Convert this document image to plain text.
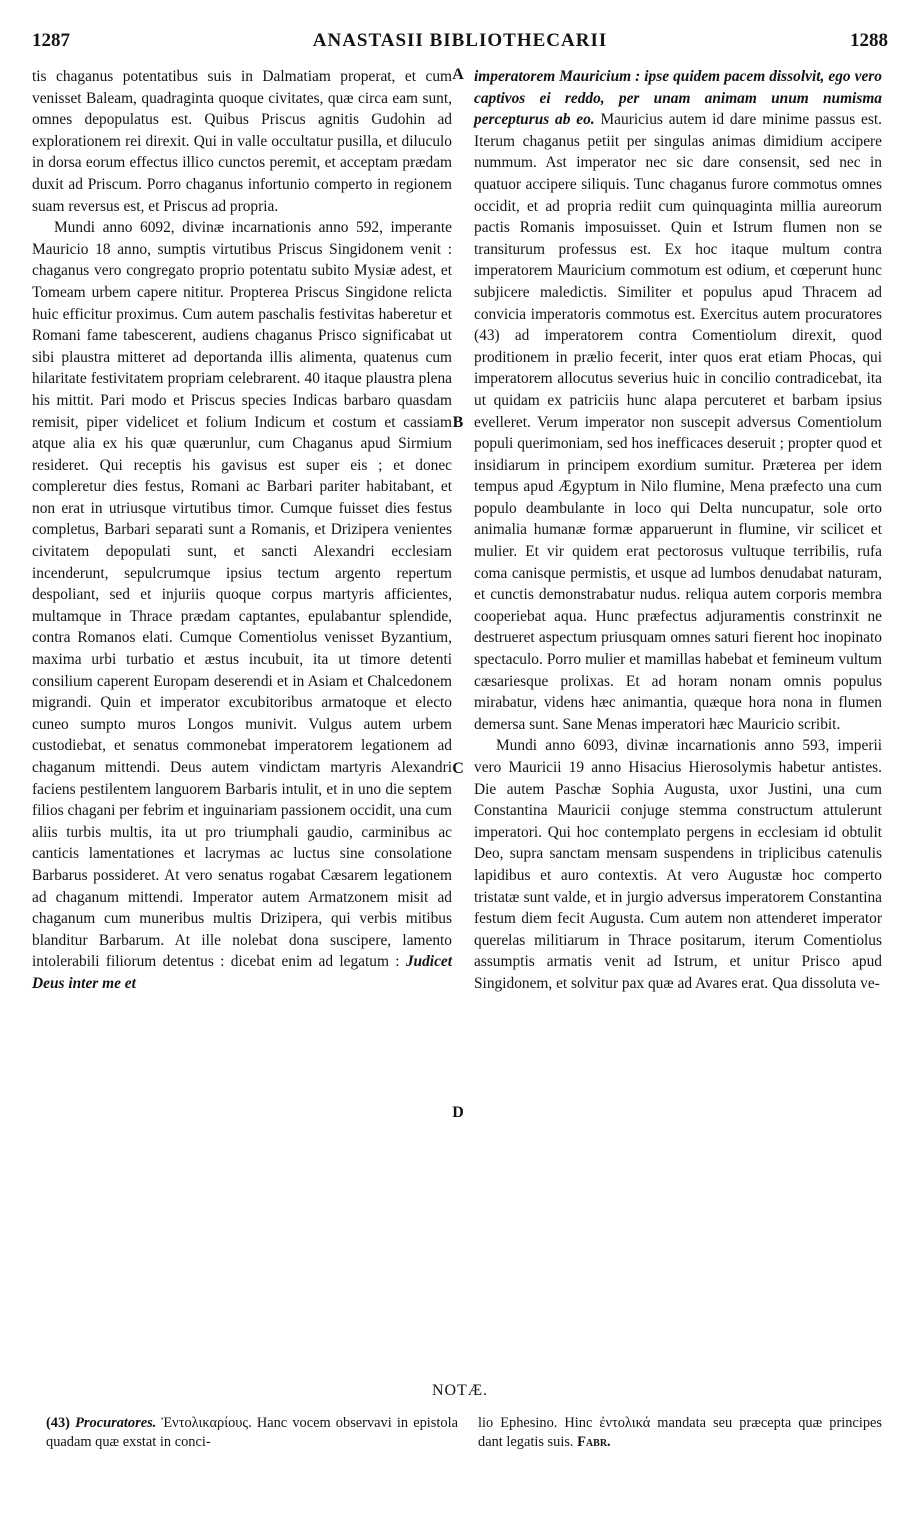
1287	ANASTASII BIBLIOTHECARII	1288

tis chaganus potentatibus suis in Dalmatiam properat, et cum venisset Baleam, quadraginta quoque civitates, quæ circa eam sunt, omnes depopulatus est. Quibus Priscus agnitis Gudohin ad explorationem rei direxit. Qui in valle occultatur pusilla, et diluculo in dorsa eorum effectus illico cunctos peremit, et acceptam prædam duxit ad Priscum. Porro chaganus infortunio comperto in regionem suam reversus est, et Priscus ad propria.

Mundi anno 6092, divinæ incarnationis anno 592, imperante Mauricio 18 anno, sumptis virtutibus Priscus Singidonem venit : chaganus vero congregato proprio potentatu subito Mysiæ adest, et Tomeam urbem capere nititur. Propterea Priscus Singidone relicta huic efficitur proximus. Cum autem paschalis festivitas haberetur et Romani fame tabescerent, audiens chaganus Prisco significabat ut sibi plaustra mitteret ad deportanda illis alimenta, quatenus cum hilaritate festivitatem propriam celebrarent. 40 itaque plaustra plena his mittit. Pari modo et Priscus species Indicas barbaro quasdam remisit, piper videlicet et folium Indicum et costum et cassiam atque alia ex his quæ quærunlur, cum Chaganus apud Sirmium resideret. Qui receptis his gavisus est super eis ; et donec compleretur dies festus, Romani ac Barbari pariter habitabant, et non erat in utriusque virtutibus timor. Cumque fuisset dies festus completus, Barbari separati sunt a Romanis, et Drizipera venientes civitatem depopulati sunt, et sancti Alexandri ecclesiam incenderunt, sepulcrumque ipsius tectum argento repertum despoliant, sed et injuriis quoque corpus martyris afficientes, multamque in Thrace prædam captantes, epulabantur splendide, contra Romanos elati. Cumque Comentiolus venisset Byzantium, maxima urbi turbatio et æstus incubuit, ita ut timore detenti consilium caperent Europam deserendi et in Asiam et Chalcedonem migrandi. Quin et imperator excubitoribus armatoque et electo cuneo sumpto muros Longos munivit. Vulgus autem urbem custodiebat, et senatus commonebat imperatorem legationem ad chaganum mittendi. Deus autem vindictam martyris Alexandri faciens pestilentem languorem Barbaris intulit, et in uno die septem filios chagani per febrim et inguinariam passionem occidit, una cum aliis turbis multis, ita ut pro triumphali gaudio, carminibus ac canticis lamentationes et lacrymas ac luctus sine consolatione Barbarus possideret. At vero senatus rogabat Cæsarem legationem ad chaganum mittendi. Imperator autem Armatzonem misit ad chaganum cum muneribus multis Drizipera, qui verbis mitibus blanditur Barbarum. At ille nolebat dona suscipere, lamento intolerabili filiorum detentus : dicebat enim ad legatum : Judicet Deus inter me et

A
B
C
D

imperatorem Mauricium : ipse quidem pacem dissolvit, ego vero captivos ei reddo, per unam animam unum numisma percepturus ab eo. Mauricius autem id dare minime passus est. Iterum chaganus petiit per singulas animas dimidium accipere nummum. Ast imperator nec sic dare consensit, sed nec in quatuor accipere siliquis. Tunc chaganus furore commotus omnes occidit, et ad propria rediit cum quinquaginta millia aureorum pactis Romanis imposuisset. Quin et Istrum flumen non se transiturum professus est. Ex hoc itaque multum contra imperatorem Mauricium commotum est odium, et cœperunt hunc subjicere maledictis. Similiter et populus apud Thracem ad convicia imperatoris commotus est. Exercitus autem procuratores (43) ad imperatorem contra Comentiolum direxit, quod proditionem in prælio fecerit, inter quos erat etiam Phocas, qui imperatorem allocutus severius huic in concilio contradicebat, ita ut quidam ex patriciis hunc alapa percuteret et barbam ipsius evelleret. Verum imperator non suscepit adversus Comentiolum populi querimoniam, sed hos inefficaces deseruit ; propter quod et insidiarum in principem exordium sumitur. Præterea per idem tempus apud Ægyptum in Nilo flumine, Mena præfecto una cum populo deambulante in loco qui Delta nuncupatur, sole orto animalia humanæ formæ apparuerunt in flumine, vir scilicet et mulier. Et vir quidem erat pectorosus vultuque terribilis, rufa coma canisque permistis, et usque ad lumbos denudabat naturam, et cunctis demonstrabatur nudus. reliqua autem corporis membra cooperiebat aqua. Hunc præfectus adjuramentis constrinxit ne destrueret aspectum priusquam omnes saturi fierent hoc inopinato spectaculo. Porro mulier et mamillas habebat et femineum vultum cæsariesque prolixas. Et ad horam nonam omnis populus mirabatur, videns hæc animantia, quæque hora nona in flumen demersa sunt. Sane Menas imperatori hæc Mauricio scribit.

Mundi anno 6093, divinæ incarnationis anno 593, imperii vero Mauricii 19 anno Hisacius Hierosolymis habetur antistes. Die autem Paschæ Sophia Augusta, uxor Justini, una cum Constantina Mauricii conjuge stemma constructum attulerunt imperatori. Qui hoc contemplato pergens in ecclesiam id obtulit Deo, supra sanctam mensam suspendens in triplicibus catenulis lapidibus et auro contextis. At vero Augustæ hoc comperto tristatæ sunt valde, et in jurgio adversus imperatorem Constantina festum diem fecit Augusta. Cum autem non attenderet imperator querelas militiarum in Thrace positarum, iterum Comentiolus assumptis armatis venit ad Istrum, et unitur Prisco apud Singidonem, et solvitur pax quæ ad Avares erat. Qua dissoluta ve-

NOTÆ.
(43) Procuratores. Ἐντολικαρίους. Hanc vocem observavi in epistola quadam quæ exstat in conci-
lio Ephesino. Hinc ἐντολικά mandata seu præcepta quæ principes dant legatis suis. Fabr.
